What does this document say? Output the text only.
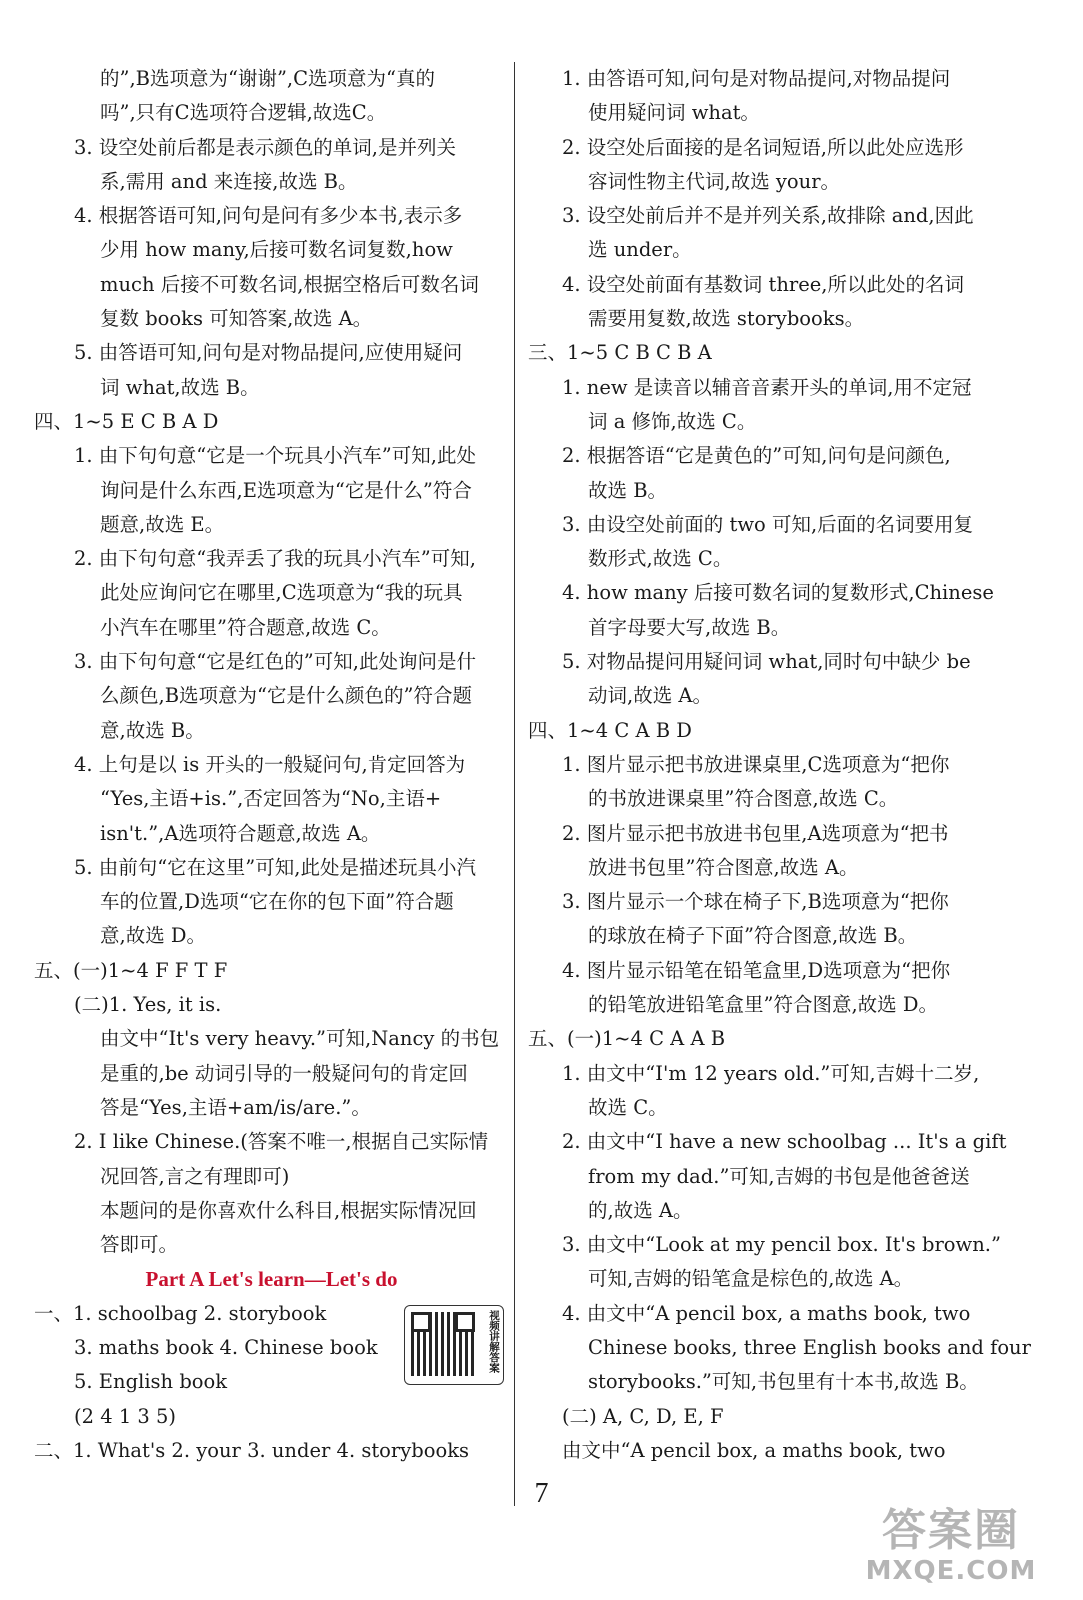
的”,B选项意为“谢谢”,C选项意为“真的
吗”,只有C选项符合逻辑,故选C。
3. 设空处前后都是表示颜色的单词,是并列关
系,需用 and 来连接,故选 B。
4. 根据答语可知,问句是问有多少本书,表示多
少用 how many,后接可数名词复数,how
much 后接不可数名词,根据空格后可数名词
复数 books 可知答案,故选 A。
5. 由答语可知,问句是对物品提问,应使用疑问
词 what,故选 B。
四、1~5 E C B A D
1. 由下句句意“它是一个玩具小汽车”可知,此处
询问是什么东西,E选项意为“它是什么”符合
题意,故选 E。
2. 由下句句意“我弄丢了我的玩具小汽车”可知,
此处应询问它在哪里,C选项意为“我的玩具
小汽车在哪里”符合题意,故选 C。
3. 由下句句意“它是红色的”可知,此处询问是什
么颜色,B选项意为“它是什么颜色的”符合题
意,故选 B。
4. 上句是以 is 开头的一般疑问句,肯定回答为
“Yes,主语+is.”,否定回答为“No,主语+
isn't.”,A选项符合题意,故选 A。
5. 由前句“它在这里”可知,此处是描述玩具小汽
车的位置,D选项“它在你的包下面”符合题
意,故选 D。
五、(一)1~4 F F T F
(二)1. Yes, it is.
由文中“It's very heavy.”可知,Nancy 的书包
是重的,be 动词引导的一般疑问句的肯定回
答是“Yes,主语+am/is/are.”。
2. I like Chinese.(答案不唯一,根据自己实际情
况回答,言之有理即可)
本题问的是你喜欢什么科目,根据实际情况回
答即可。
Part A Let's learn—Let's do
一、1. schoolbag 2. storybook
3. maths book 4. Chinese book
5. English book
(2 4 1 3 5)
二、1. What's 2. your 3. under 4. storybooks
1. 由答语可知,问句是对物品提问,对物品提问
使用疑问词 what。
2. 设空处后面接的是名词短语,所以此处应选形
容词性物主代词,故选 your。
3. 设空处前后并不是并列关系,故排除 and,因此
选 under。
4. 设空处前面有基数词 three,所以此处的名词
需要用复数,故选 storybooks。
三、1~5 C B C B A
1. new 是读音以辅音音素开头的单词,用不定冠
词 a 修饰,故选 C。
2. 根据答语“它是黄色的”可知,问句是问颜色,
故选 B。
3. 由设空处前面的 two 可知,后面的名词要用复
数形式,故选 C。
4. how many 后接可数名词的复数形式,Chinese
首字母要大写,故选 B。
5. 对物品提问用疑问词 what,同时句中缺少 be
动词,故选 A。
四、1~4 C A B D
1. 图片显示把书放进课桌里,C选项意为“把你
的书放进课桌里”符合图意,故选 C。
2. 图片显示把书放进书包里,A选项意为“把书
放进书包里”符合图意,故选 A。
3. 图片显示一个球在椅子下,B选项意为“把你
的球放在椅子下面”符合图意,故选 B。
4. 图片显示铅笔在铅笔盒里,D选项意为“把你
的铅笔放进铅笔盒里”符合图意,故选 D。
五、(一)1~4 C A A B
1. 由文中“I'm 12 years old.”可知,吉姆十二岁,
故选 C。
2. 由文中“I have a new schoolbag ... It's a gift
from my dad.”可知,吉姆的书包是他爸爸送
的,故选 A。
3. 由文中“Look at my pencil box. It's brown.”
可知,吉姆的铅笔盒是棕色的,故选 A。
4. 由文中“A pencil box, a maths book, two
Chinese books, three English books and four
storybooks.”可知,书包里有十本书,故选 B。
(二) A, C, D, E, F
由文中“A pencil box, a maths book, two
视频讲解答案
7
答案圈
MXQE.COM
